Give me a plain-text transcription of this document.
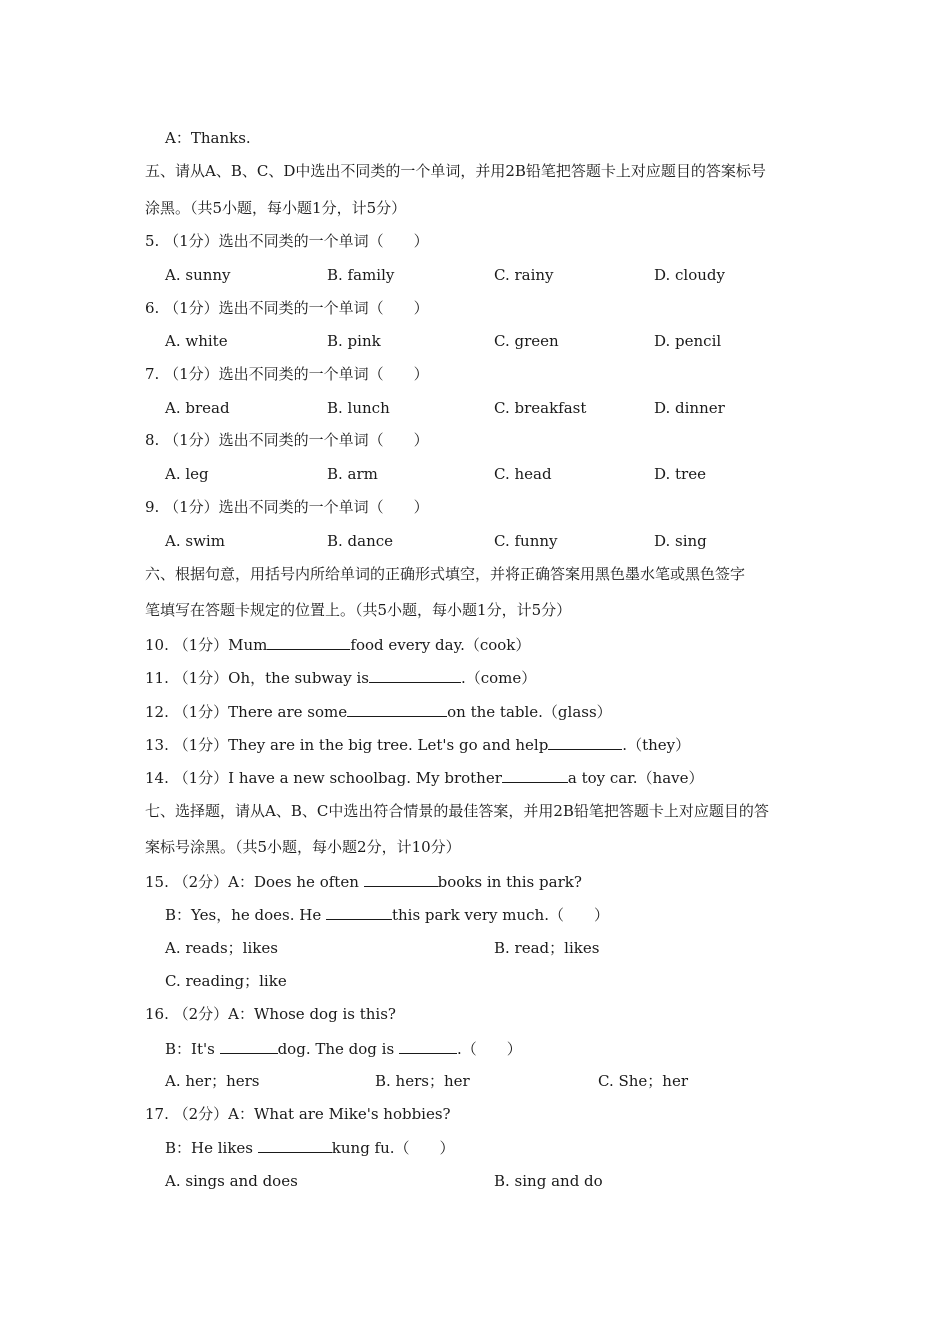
A：Thanks.
五、请从A、B、C、D中选出不同类的一个单词，并用2B铅笔把答题卡上对应题目的答案标号
涂黑。（共5小题，每小题1分，计5分）
5. （1分）选出不同类的一个单词（　　）
A. sunny	B. family	C. rainy	D. cloudy
6. （1分）选出不同类的一个单词（　　）
A. white	B. pink	C. green	D. pencil
7. （1分）选出不同类的一个单词（　　）
A. bread	B. lunch	C. breakfast	D. dinner
8. （1分）选出不同类的一个单词（　　）
A. leg	B. arm	C. head	D. tree
9. （1分）选出不同类的一个单词（　　）
A. swim	B. dance	C. funny	D. sing
六、根据句意，用括号内所给单词的正确形式填空，并将正确答案用黑色墨水笔或黑色签字
笔填写在答题卡规定的位置上。（共5小题，每小题1分，计5分）
10. （1分）Mum	food every day.（cook）
11. （1分）Oh，the subway is	.（come）
12. （1分）There are some	on the table.（glass）
13. （1分）They are in the big tree. Let's go and help	.（they）
14. （1分）I have a new schoolbag. My brother	a toy car.（have）
七、选择题，请从A、B、C中选出符合情景的最佳答案，并用2B铅笔把答题卡上对应题目的答
案标号涂黑。（共5小题，每小题2分，计10分）
15. （2分）A：Does he often	books in this park?
B：Yes，he does. He	this park very much.（　　）
A. reads；likes	B. read；likes
C. reading；like
16. （2分）A：Whose dog is this?
B：It's	dog. The dog is	.（　　）
A. her；hers	B. hers；her	C. She；her
17. （2分）A：What are Mike's hobbies?
B：He likes	kung fu.（　　）
A. sings and does	B. sing and do
